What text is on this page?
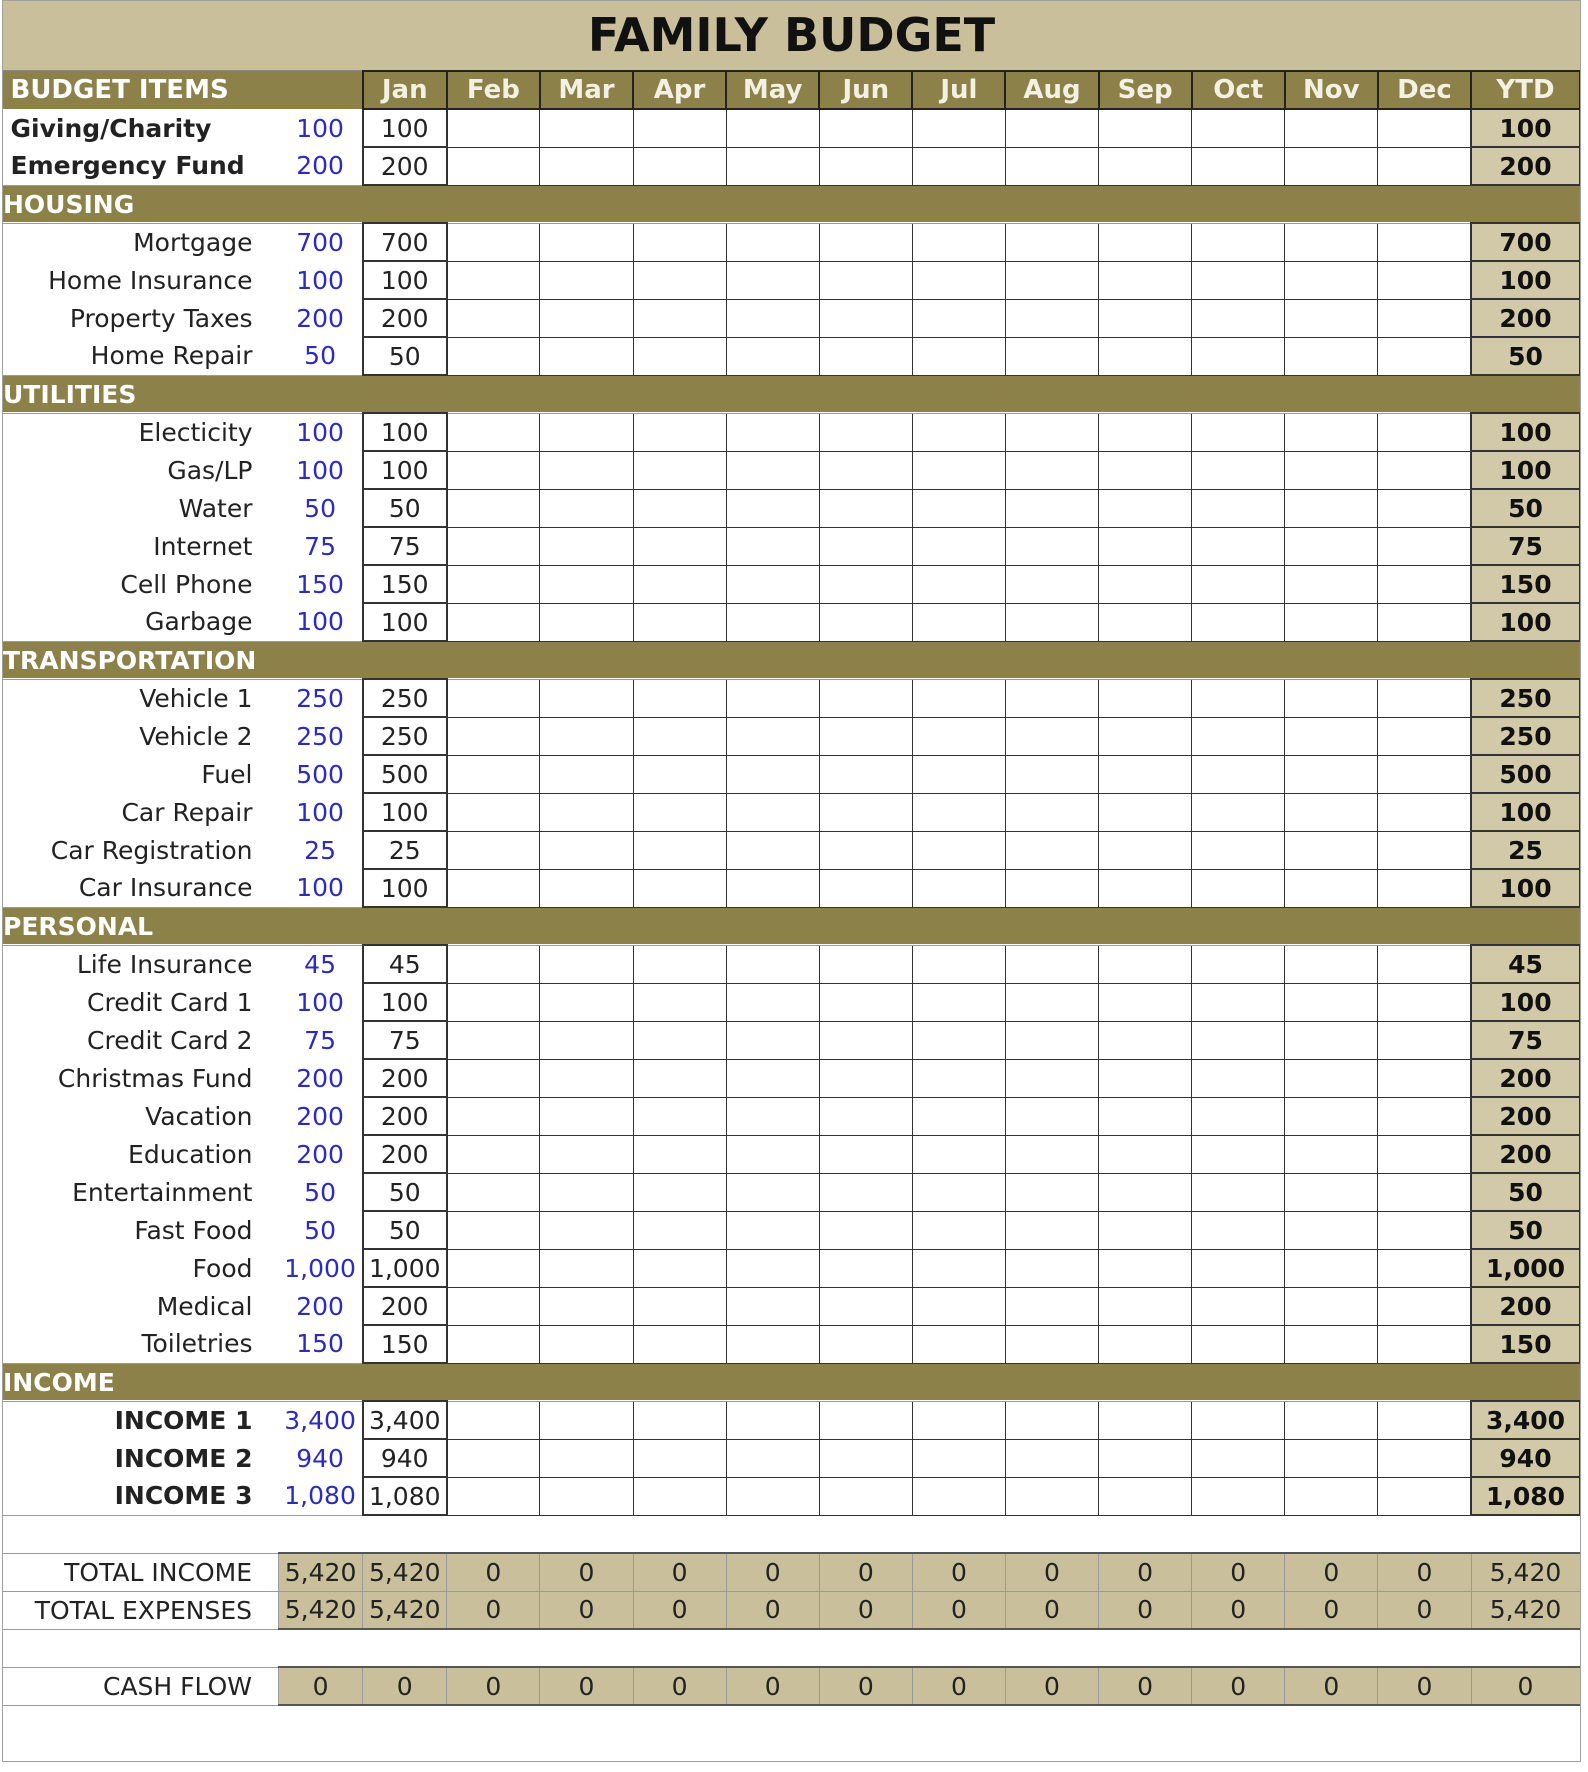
FAMILY BUDGET
BUDGET ITEMS		Jan	Feb	Mar	Apr	May	Jun	Jul	Aug	Sep	Oct	Nov	Dec	YTD
Giving/Charity	100	100												100
Emergency Fund	200	200												200
HOUSING														
Mortgage	700	700												700
Home Insurance	100	100												100
Property Taxes	200	200												200
Home Repair	50	50												50
UTILITIES														
Electicity	100	100												100
Gas/LP	100	100												100
Water	50	50												50
Internet	75	75												75
Cell Phone	150	150												150
Garbage	100	100												100
TRANSPORTATION														
Vehicle 1	250	250												250
Vehicle 2	250	250												250
Fuel	500	500												500
Car Repair	100	100												100
Car Registration	25	25												25
Car Insurance	100	100												100
PERSONAL														
Life Insurance	45	45												45
Credit Card 1	100	100												100
Credit Card 2	75	75												75
Christmas Fund	200	200												200
Vacation	200	200												200
Education	200	200												200
Entertainment	50	50												50
Fast Food	50	50												50
Food	1,000	1,000												1,000
Medical	200	200												200
Toiletries	150	150												150
INCOME														
INCOME 1	3,400	3,400												3,400
INCOME 2	940	940												940
INCOME 3	1,080	1,080												1,080

TOTAL INCOME	5,420	5,420	0	0	0	0	0	0	0	0	0	0	0	5,420
TOTAL EXPENSES	5,420	5,420	0	0	0	0	0	0	0	0	0	0	0	5,420

CASH FLOW	0	0	0	0	0	0	0	0	0	0	0	0	0	0
